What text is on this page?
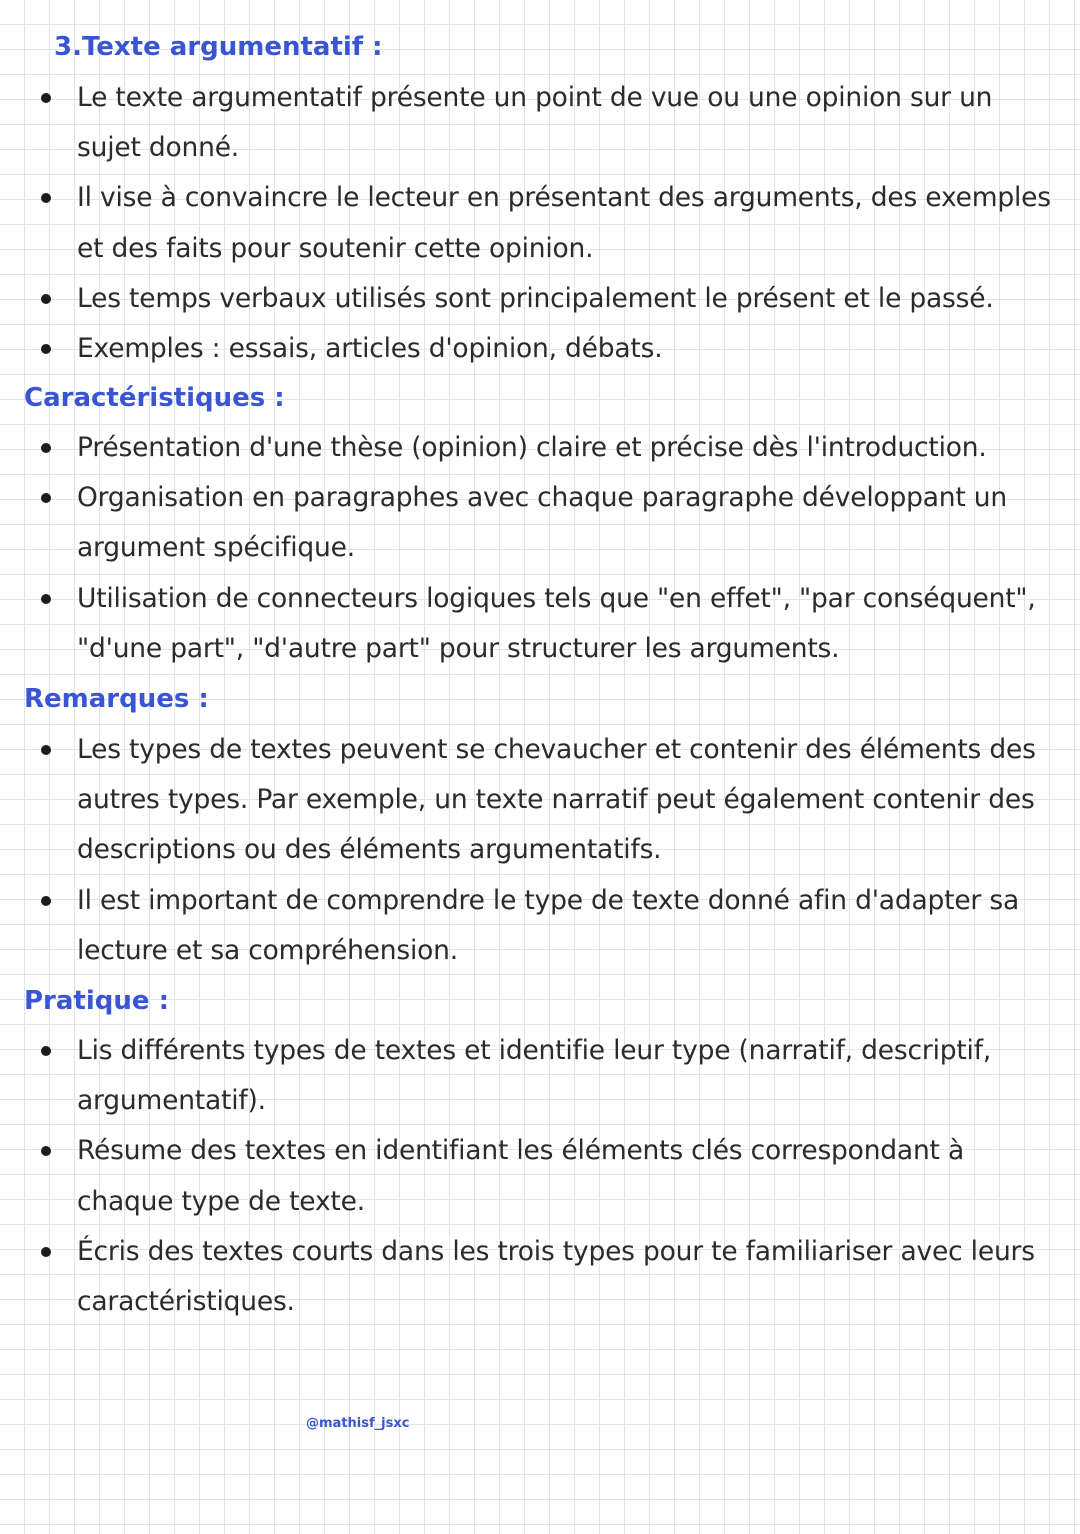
3.Texte argumentatif :
Le texte argumentatif présente un point de vue ou une opinion sur un
sujet donné.
Il vise à convaincre le lecteur en présentant des arguments, des exemples
et des faits pour soutenir cette opinion.
Les temps verbaux utilisés sont principalement le présent et le passé.
Exemples : essais, articles d'opinion, débats.
Caractéristiques :
Présentation d'une thèse (opinion) claire et précise dès l'introduction.
Organisation en paragraphes avec chaque paragraphe développant un
argument spécifique.
Utilisation de connecteurs logiques tels que "en effet", "par conséquent",
"d'une part", "d'autre part" pour structurer les arguments.
Remarques :
Les types de textes peuvent se chevaucher et contenir des éléments des
autres types. Par exemple, un texte narratif peut également contenir des
descriptions ou des éléments argumentatifs.
Il est important de comprendre le type de texte donné afin d'adapter sa
lecture et sa compréhension.
Pratique :
Lis différents types de textes et identifie leur type (narratif, descriptif,
argumentatif).
Résume des textes en identifiant les éléments clés correspondant à
chaque type de texte.
Écris des textes courts dans les trois types pour te familiariser avec leurs
caractéristiques.
@mathisf_jsxc
